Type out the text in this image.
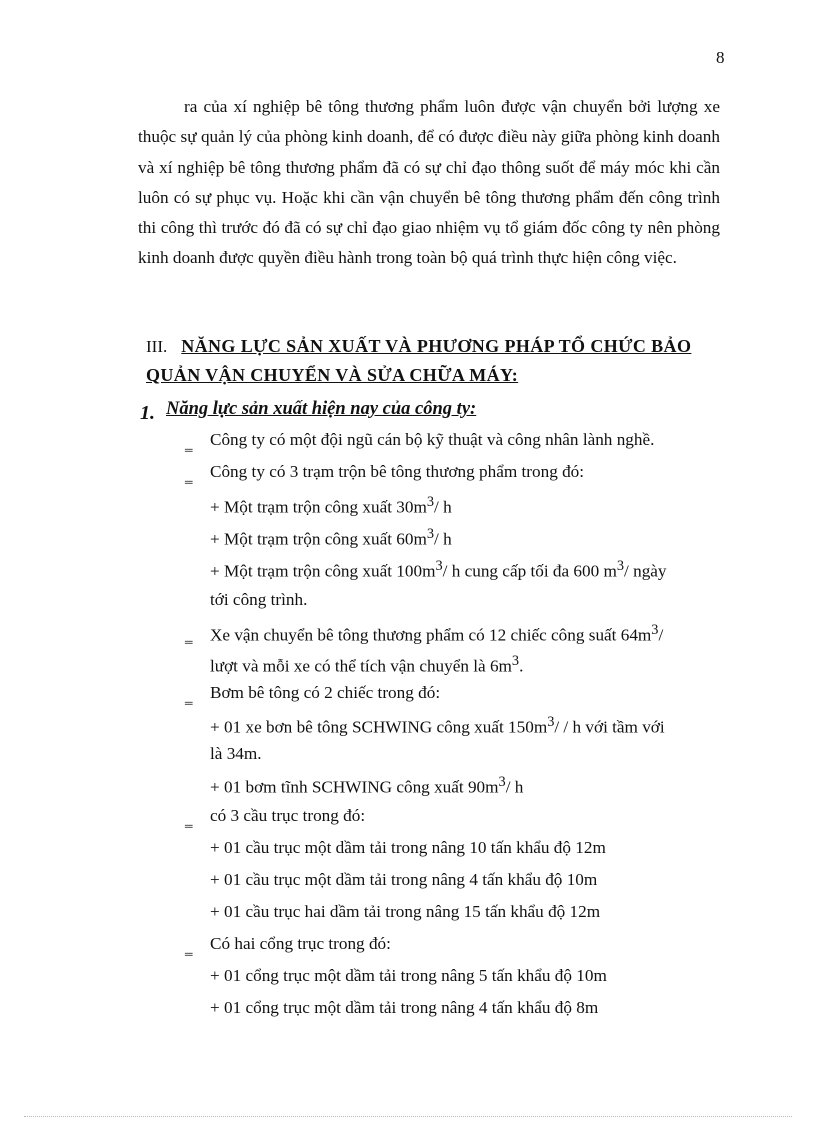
8

ra của xí nghiệp bê tông thương phẩm luôn được vận chuyển bởi lượng xe thuộc sự quản lý của phòng kinh doanh, để có được điều này giữa phòng kinh doanh và xí nghiệp bê tông thương phẩm đã có sự chỉ đạo thông suốt để máy móc khi cần luôn có sự phục vụ. Hoặc khi cần vận chuyển bê tông thương phẩm đến công trình thi công thì trước đó đã có sự chỉ đạo giao nhiệm vụ tổ giám đốc công ty nên phòng kinh doanh được quyền điều hành trong toàn bộ quá trình thực hiện công việc.

III. NĂNG LỰC SẢN XUẤT VÀ PHƯƠNG PHÁP TỔ CHỨC BẢO
QUẢN VẬN CHUYỂN VÀ SỬA CHỮA MÁY:
1. Năng lực sản xuất hiện nay của công ty:
‗ Công ty có một đội ngũ cán bộ kỹ thuật và công nhân lành nghề.
‗ Công ty có 3 trạm trộn bê tông thương phẩm trong đó:
+ Một trạm trộn công xuất $30m^3/$ h
+ Một trạm trộn công xuất $60m^3/$ h
+ Một trạm trộn công xuất $100m^3/$ h cung cấp tối đa 600 $m^3/$ ngày
tới công trình.
‗ Xe vận chuyển bê tông thương phẩm có 12 chiếc công suất $64m^3/$
lượt và mỗi xe có thể tích vận chuyển là $6m^3$.
‗ Bơm bê tông có 2 chiếc trong đó:
+ 01 xe bơn bê tông SCHWING công xuất $150m^3/$ / h với tầm với
là 34m.
+ 01 bơm tĩnh SCHWING công xuất $90m^3/$ h
‗ có 3 cầu trục trong đó:
+ 01 cầu trục một dầm tải trong nâng 10 tấn khẩu độ 12m
+ 01 cầu trục một dầm tải trong nâng 4 tấn khẩu độ 10m
+ 01 cầu trục hai dầm tải trong nâng 15 tấn khẩu độ 12m
‗ Có hai cổng trục trong đó:
+ 01 cổng trục một dầm tải trong nâng 5 tấn khẩu độ 10m
+ 01 cổng trục một dầm tải trong nâng 4 tấn khẩu độ 8m
